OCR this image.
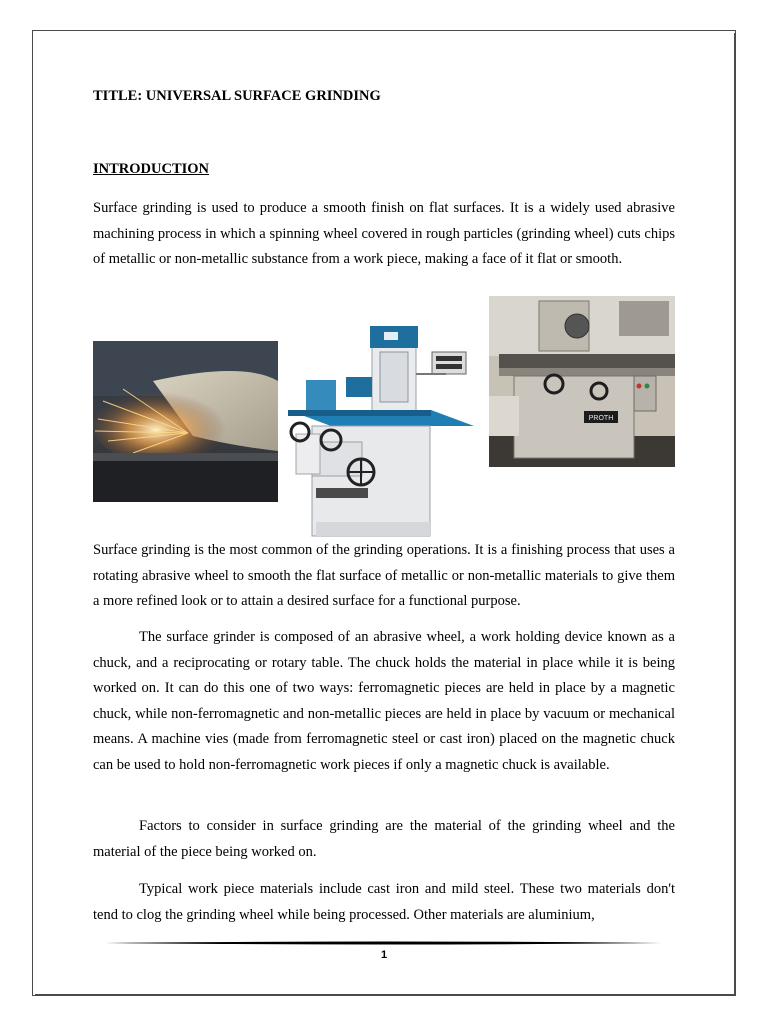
TITLE: UNIVERSAL SURFACE GRINDING
INTRODUCTION

Surface grinding is used to produce a smooth finish on flat surfaces. It is a widely used abrasive machining process in which a spinning wheel covered in rough particles (grinding wheel) cuts chips of metallic or non-metallic substance from a work piece, making a face of it flat or smooth.

PROTH

Surface grinding is the most common of the grinding operations. It is a finishing process that uses a rotating abrasive wheel to smooth the flat surface of metallic or non-metallic materials to give them a more refined look or to attain a desired surface for a functional purpose.

The surface grinder is composed of an abrasive wheel, a work holding device known as a chuck, and a reciprocating or rotary table. The chuck holds the material in place while it is being worked on. It can do this one of two ways: ferromagnetic pieces are held in place by a magnetic chuck, while non-ferromagnetic and non-metallic pieces are held in place by vacuum or mechanical means. A machine vies (made from ferromagnetic steel or cast iron) placed on the magnetic chuck can be used to hold non-ferromagnetic work pieces if only a magnetic chuck is available.

Factors to consider in surface grinding are the material of the grinding wheel and the material of the piece being worked on.

Typical work piece materials include cast iron and mild steel. These two materials don't tend to clog the grinding wheel while being processed. Other materials are aluminium,

1
